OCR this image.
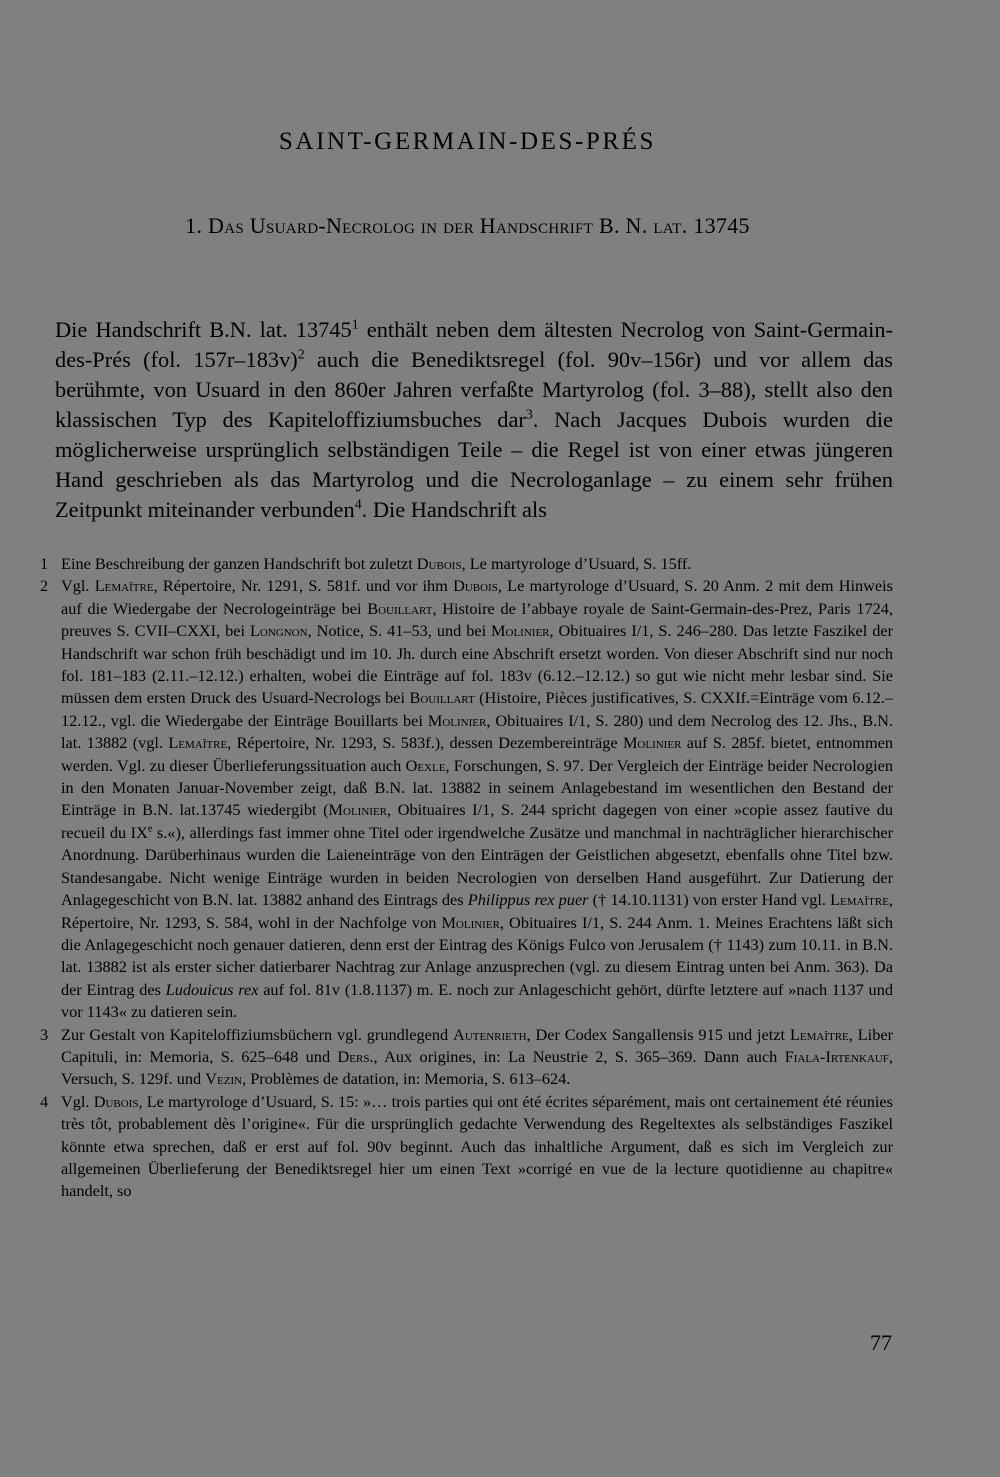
SAINT-GERMAIN-DES-PRÉS
1. Das Usuard-Necrolog in der Handschrift B. N. lat. 13745

Die Handschrift B.N. lat. 13745$^1$ enthält neben dem ältesten Necrolog von Saint-Germain-des-Prés (fol. 157r–183v)$^2$ auch die Benediktsregel (fol. 90v–156r) und vor allem das berühmte, von Usuard in den 860er Jahren verfaßte Martyrolog (fol. 3–88), stellt also den klassischen Typ des Kapiteloffiziumsbuches dar$^3$. Nach Jacques Dubois wurden die möglicherweise ursprünglich selbständigen Teile – die Regel ist von einer etwas jüngeren Hand geschrieben als das Martyrolog und die Necrologanlage – zu einem sehr frühen Zeitpunkt miteinander verbunden$^4$. Die Handschrift als

1 Eine Beschreibung der ganzen Handschrift bot zuletzt Dubois, Le martyrologe d’Usuard, S. 15ff.
2 Vgl. Lemaître, Répertoire, Nr. 1291, S. 581f. und vor ihm Dubois, Le martyrologe d’Usuard, S. 20 Anm. 2 mit dem Hinweis auf die Wiedergabe der Necrologeinträge bei Bouillart, Histoire de l’abbaye royale de Saint-Germain-des-Prez, Paris 1724, preuves S. CVII–CXXI, bei Longnon, Notice, S. 41–53, und bei Molinier, Obituaires I/1, S. 246–280. Das letzte Faszikel der Handschrift war schon früh beschädigt und im 10. Jh. durch eine Abschrift ersetzt worden. Von dieser Abschrift sind nur noch fol. 181–183 (2.11.–12.12.) erhalten, wobei die Einträge auf fol. 183v (6.12.–12.12.) so gut wie nicht mehr lesbar sind. Sie müssen dem ersten Druck des Usuard-Necrologs bei Bouillart (Histoire, Pièces justificatives, S. CXXIf.=Einträge vom 6.12.–12.12., vgl. die Wiedergabe der Einträge Bouillarts bei Molinier, Obituaires I/1, S. 280) und dem Necrolog des 12. Jhs., B.N. lat. 13882 (vgl. Lemaître, Répertoire, Nr. 1293, S. 583f.), dessen Dezembereinträge Molinier auf S. 285f. bietet, entnommen werden. Vgl. zu dieser Überlieferungssituation auch Oexle, Forschungen, S. 97. Der Vergleich der Einträge beider Necrologien in den Monaten Januar-November zeigt, daß B.N. lat. 13882 in seinem Anlagebestand im wesentlichen den Bestand der Einträge in B.N. lat.13745 wiedergibt (Molinier, Obituaires I/1, S. 244 spricht dagegen von einer »copie assez fautive du recueil du IXe s.«), allerdings fast immer ohne Titel oder irgendwelche Zusätze und manchmal in nachträglicher hierarchischer Anordnung. Darüberhinaus wurden die Laieneinträge von den Einträgen der Geistlichen abgesetzt, ebenfalls ohne Titel bzw. Standesangabe. Nicht wenige Einträge wurden in beiden Necrologien von derselben Hand ausgeführt. Zur Datierung der Anlagegeschicht von B.N. lat. 13882 anhand des Eintrags des Philippus rex puer († 14.10.1131) von erster Hand vgl. Lemaître, Répertoire, Nr. 1293, S. 584, wohl in der Nachfolge von Molinier, Obituaires I/1, S. 244 Anm. 1. Meines Erachtens läßt sich die Anlagegeschicht noch genauer datieren, denn erst der Eintrag des Königs Fulco von Jerusalem († 1143) zum 10.11. in B.N. lat. 13882 ist als erster sicher datierbarer Nachtrag zur Anlage anzusprechen (vgl. zu diesem Eintrag unten bei Anm. 363). Da der Eintrag des Ludouicus rex auf fol. 81v (1.8.1137) m. E. noch zur Anlageschicht gehört, dürfte letztere auf »nach 1137 und vor 1143« zu datieren sein.
3 Zur Gestalt von Kapiteloffiziumsbüchern vgl. grundlegend Autenrieth, Der Codex Sangallensis 915 und jetzt Lemaître, Liber Capituli, in: Memoria, S. 625–648 und Ders., Aux origines, in: La Neustrie 2, S. 365–369. Dann auch Fiala-Irtenkauf, Versuch, S. 129f. und Vezin, Problèmes de datation, in: Memoria, S. 613–624.
4 Vgl. Dubois, Le martyrologe d’Usuard, S. 15: »… trois parties qui ont été écrites séparément, mais ont certainement été réunies très tôt, probablement dès l’origine«. Für die ursprünglich gedachte Verwendung des Regeltextes als selbständiges Faszikel könnte etwa sprechen, daß er erst auf fol. 90v beginnt. Auch das inhaltliche Argument, daß es sich im Vergleich zur allgemeinen Überlieferung der Benediktsregel hier um einen Text »corrigé en vue de la lecture quotidienne au chapitre« handelt, so
77
